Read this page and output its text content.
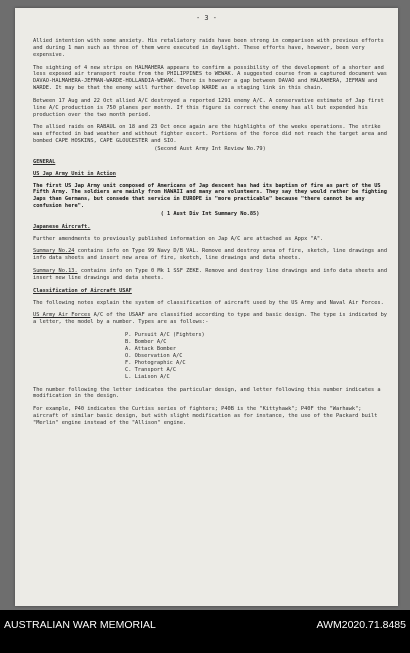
- 3 -

Allied intention with some anxiety. His retaliatory raids have been strong in comparison with previous efforts and during 1 man such as three of them were executed in daylight. These efforts have, however, been very expensive.

The sighting of 4 new strips on HALMAHERA appears to confirm a possibility of the development of a shorter and less exposed air transport route from the PHILIPPINES to WEWAK. A suggested course from a captured document was DAVAO-HALMAHERA-JEFMAN-WARDE-HOLLANDIA-WEWAK. There is however a gap between DAVAO and HALMAHERA, JEFMAN and WARDE. It may be that the enemy will further develop WARDE as a staging link in this chain.

Between 17 Aug and 22 Oct allied A/C destroyed a reported 1291 enemy A/C. A conservative estimate of Jap first line A/C production is 750 planes per month. If this figure is correct the enemy has all but expended his production over the two month period.

The allied raids on RABAUL on 18 and 23 Oct once again are the highlights of the weeks operations. The strike was effected in bad weather and without fighter escort. Portions of the force did not reach the target area and bombed CAPE HOSKINS, CAPE GLOUCESTER and SIO.

(Second Aust Army Int Review No.79)

GENERAL
US Jap Army Unit in Action

The first US Jap Army unit composed of Americans of Jap descent has had its baptism of fire as part of the US Fifth Army. The soldiers are mainly from HAWAII and many are volunteers. They say they would rather be fighting Japs than Germans, but consede that service in EUROPE is "more practicable" because "there cannot be any confusion here".

( 1 Aust Div Int Summary No.85)

Japanese Aircraft.

Further amendments to previously published information on Jap A/C are attached as Appx "A".

Summary No.24 contains info on Type 99 Navy D/B VAL. Remove and destroy area of fire, sketch, line drawings and info data sheets and insert new area of fire, sketch, line drawings and data sheets.

Summary No.13. contains info on Type 0 Mk 1 SSF ZEKE. Remove and destroy line drawings and info data sheets and insert new line drawings and data sheets.

Classification of Aircraft USAF

The following notes explain the system of classification of aircraft used by the US Army and Naval Air Forces.

US Army Air Forces A/C of the USAAF are classified according to type and basic design. The type is indicated by a letter, the model by a number. Types are as follows:-

P. Pursuit A/C (Fighters)
B. Bomber A/C
A. Attack Bomber
O. Observation A/C
F. Photographic A/C
C. Transport A/C
L. Liaison A/C

The number following the letter indicates the particular design, and letter following this number indicates a modification in the design.

For example, P40 indicates the Curtiss series of fighters; P40B is the "Kittyhawk"; P40F the "Warhawk"; aircraft of similar basic design, but with slight modification as for instance, the use of the Packard built "Merlin" engine instead of the "Allison" engine.

AUSTRALIAN WAR MEMORIAL	AWM2020.71.8485
